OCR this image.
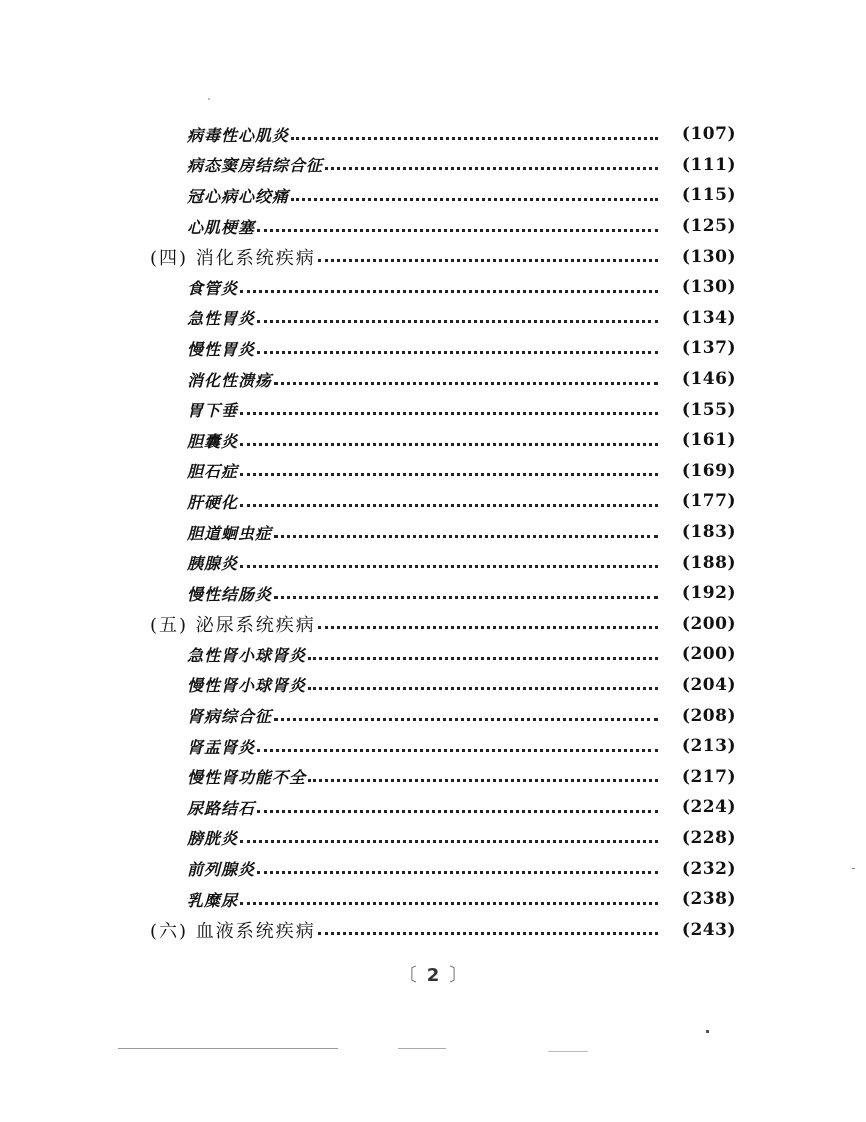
病毒性心肌炎	(107)
病态窦房结综合征	(111)
冠心病心绞痛	(115)
心肌梗塞	(125)
(四) 消化系统疾病	(130)
食管炎	(130)
急性胃炎	(134)
慢性胃炎	(137)
消化性溃疡	(146)
胃下垂	(155)
胆囊炎	(161)
胆石症	(169)
肝硬化	(177)
胆道蛔虫症	(183)
胰腺炎	(188)
慢性结肠炎	(192)
(五) 泌尿系统疾病	(200)
急性肾小球肾炎	(200)
慢性肾小球肾炎	(204)
肾病综合征	(208)
肾盂肾炎	(213)
慢性肾功能不全	(217)
尿路结石	(224)
膀胱炎	(228)
前列腺炎	(232)
乳糜尿	(238)
(六) 血液系统疾病	(243)
〔 2 〕
